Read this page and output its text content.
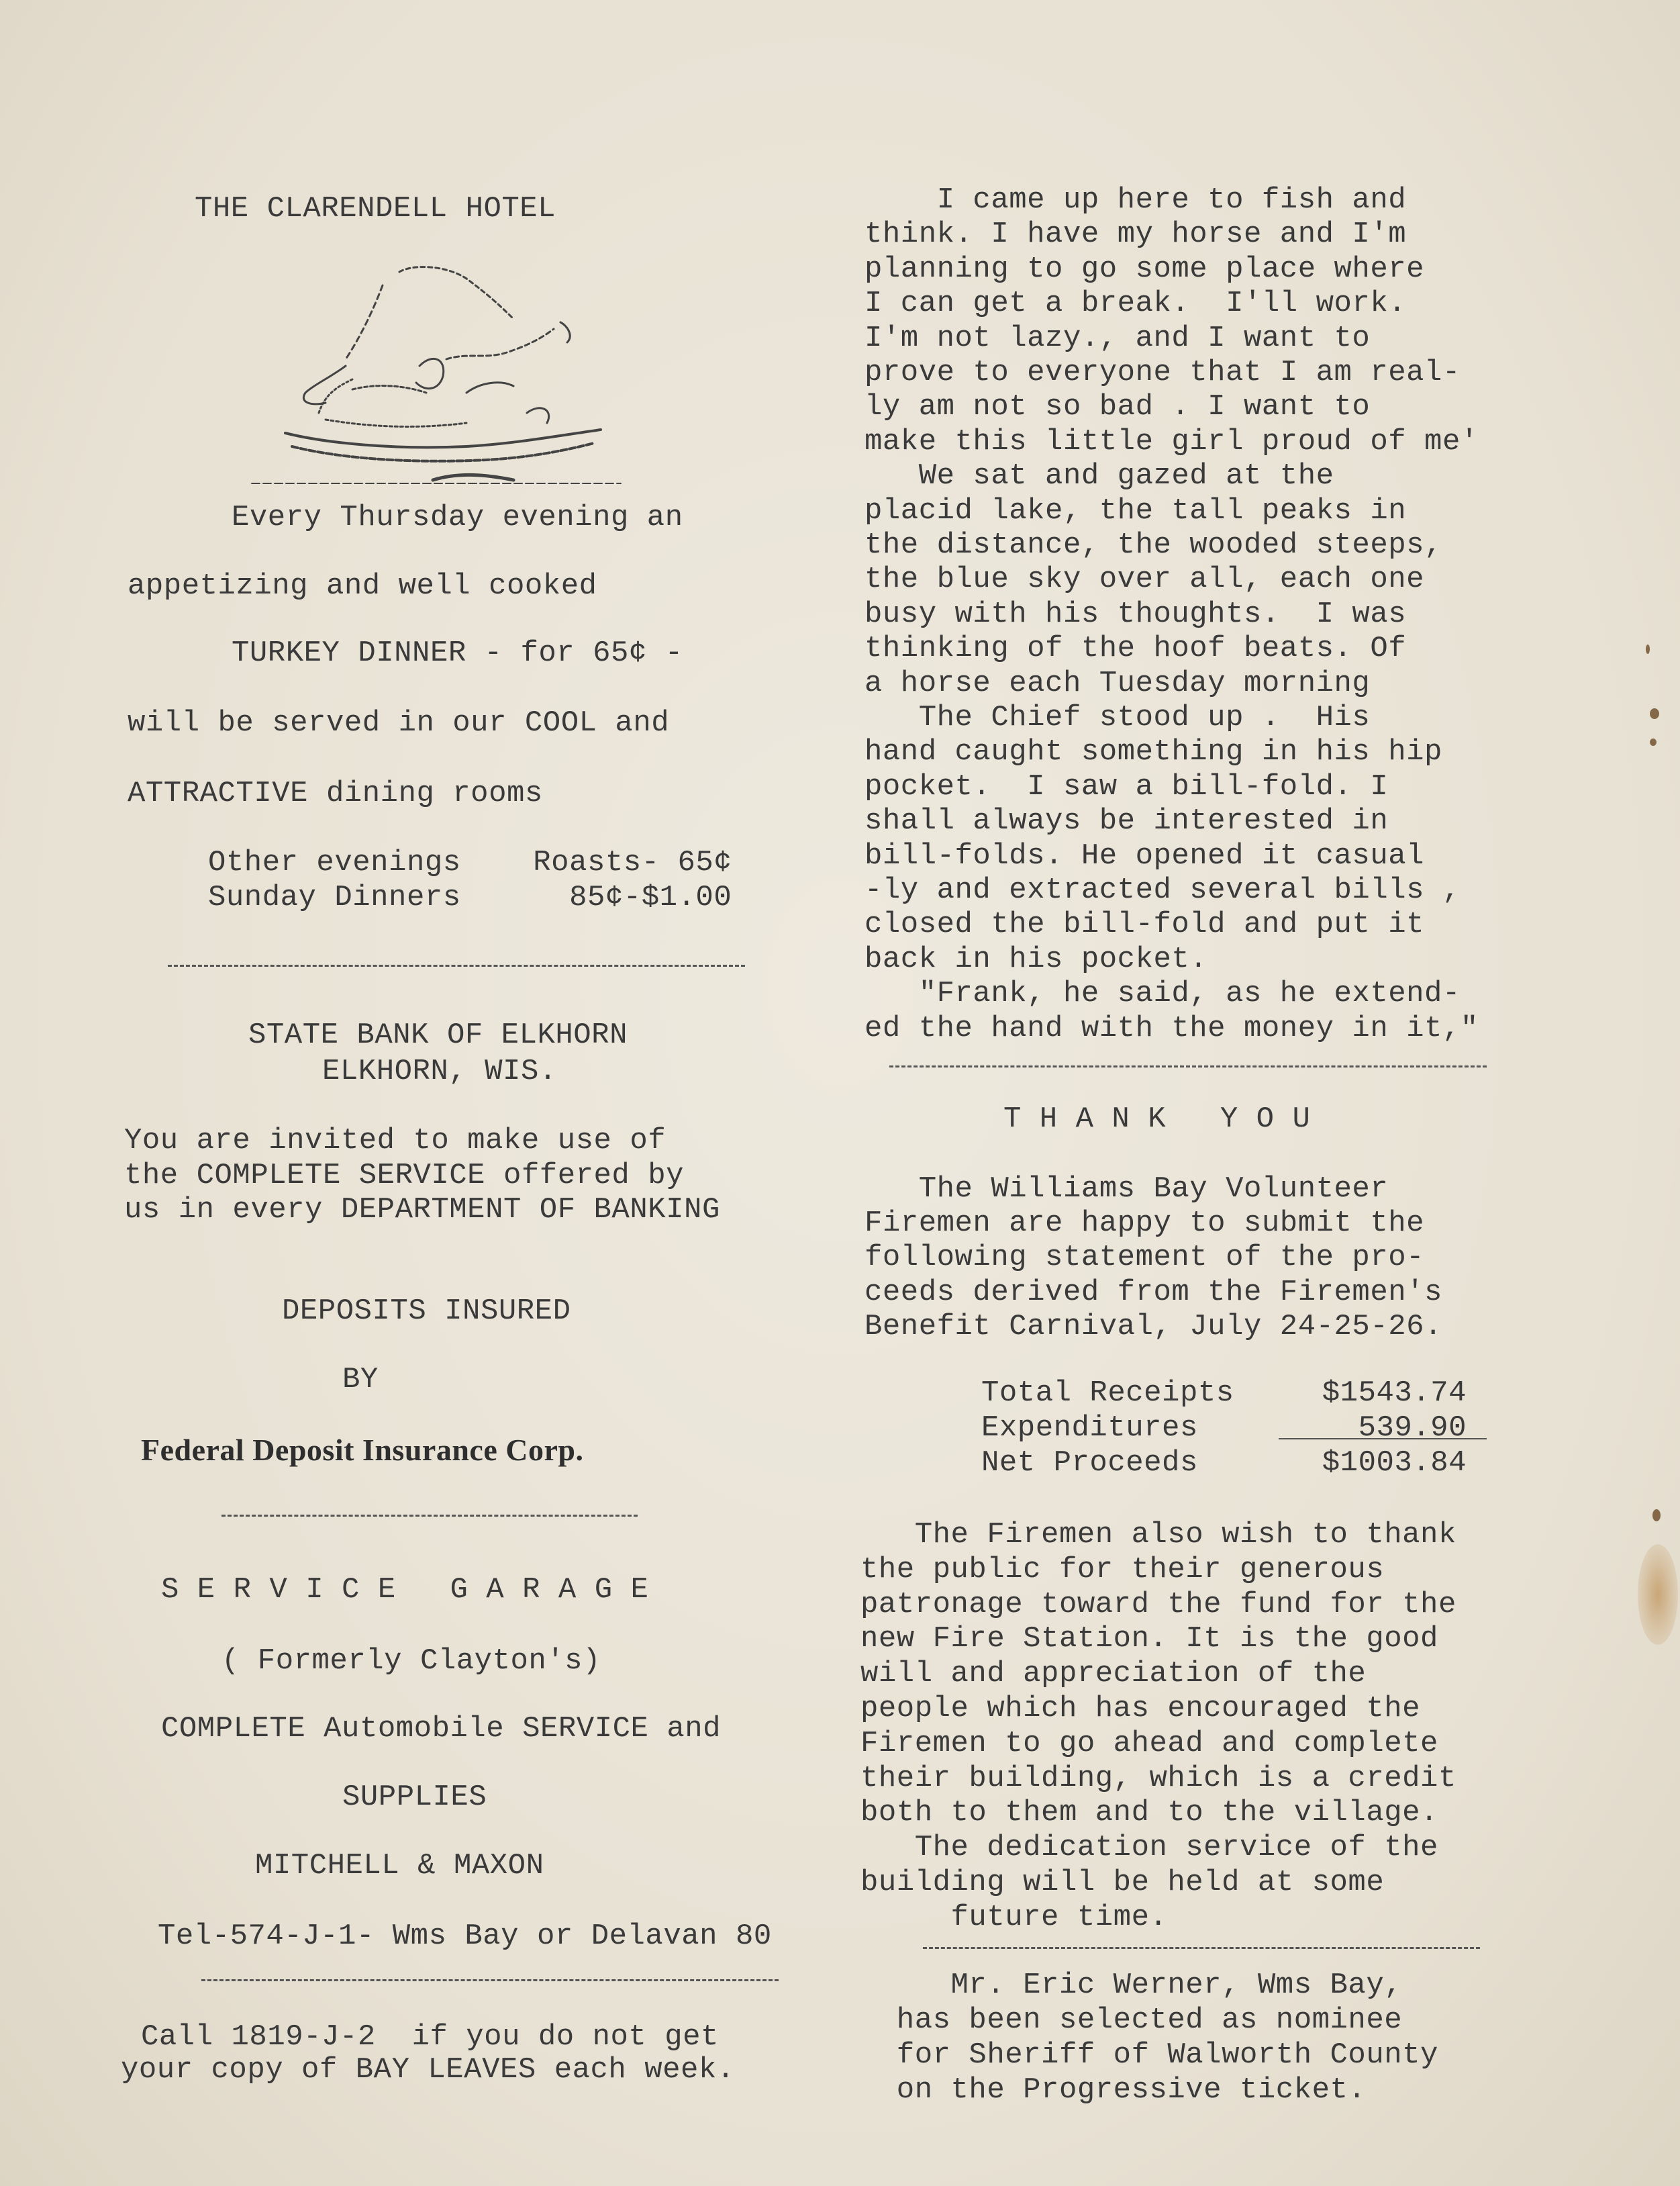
THE CLARENDELL HOTEL
Every Thursday evening an
appetizing and well cooked
TURKEY DINNER - for 65¢ -
will be served in our COOL and
ATTRACTIVE dining rooms
Other evenings    Roasts- 65¢
Sunday Dinners      85¢-$1.00
STATE BANK OF ELKHORN
ELKHORN, WIS.
You are invited to make use of
the COMPLETE SERVICE offered by
us in every DEPARTMENT OF BANKING
DEPOSITS INSURED
BY
Federal Deposit Insurance Corp.
S E R V I C E   G A R A G E
( Formerly Clayton's)
COMPLETE Automobile SERVICE and
SUPPLIES
MITCHELL & MAXON
Tel-574-J-1- Wms Bay or Delavan 80
Call 1819-J-2  if you do not get
your copy of BAY LEAVES each week.
I came up here to fish and
think. I have my horse and I'm
planning to go some place where
I can get a break.  I'll work.
I'm not lazy., and I want to
prove to everyone that I am real-
ly am not so bad . I want to
make this little girl proud of me'
We sat and gazed at the
placid lake, the tall peaks in
the distance, the wooded steeps,
the blue sky over all, each one
busy with his thoughts.  I was
thinking of the hoof beats. Of
a horse each Tuesday morning
The Chief stood up .  His
hand caught something in his hip
pocket.  I saw a bill-fold. I
shall always be interested in
bill-folds. He opened it casual
-ly and extracted several bills ,
closed the bill-fold and put it
back in his pocket.
"Frank, he said, as he extend-
ed the hand with the money in it,"
T H A N K   Y O U
The Williams Bay Volunteer
Firemen are happy to submit the
following statement of the pro-
ceeds derived from the Firemen's
Benefit Carnival, July 24-25-26.
Total Receipts	$1543.74
Expenditures	539.90
Net Proceeds	$1003.84
The Firemen also wish to thank
the public for their generous
patronage toward the fund for the
new Fire Station. It is the good
will and appreciation of the
people which has encouraged the
Firemen to go ahead and complete
their building, which is a credit
both to them and to the village.
The dedication service of the
building will be held at some
future time.
Mr. Eric Werner, Wms Bay,
has been selected as nominee
for Sheriff of Walworth County
on the Progressive ticket.
